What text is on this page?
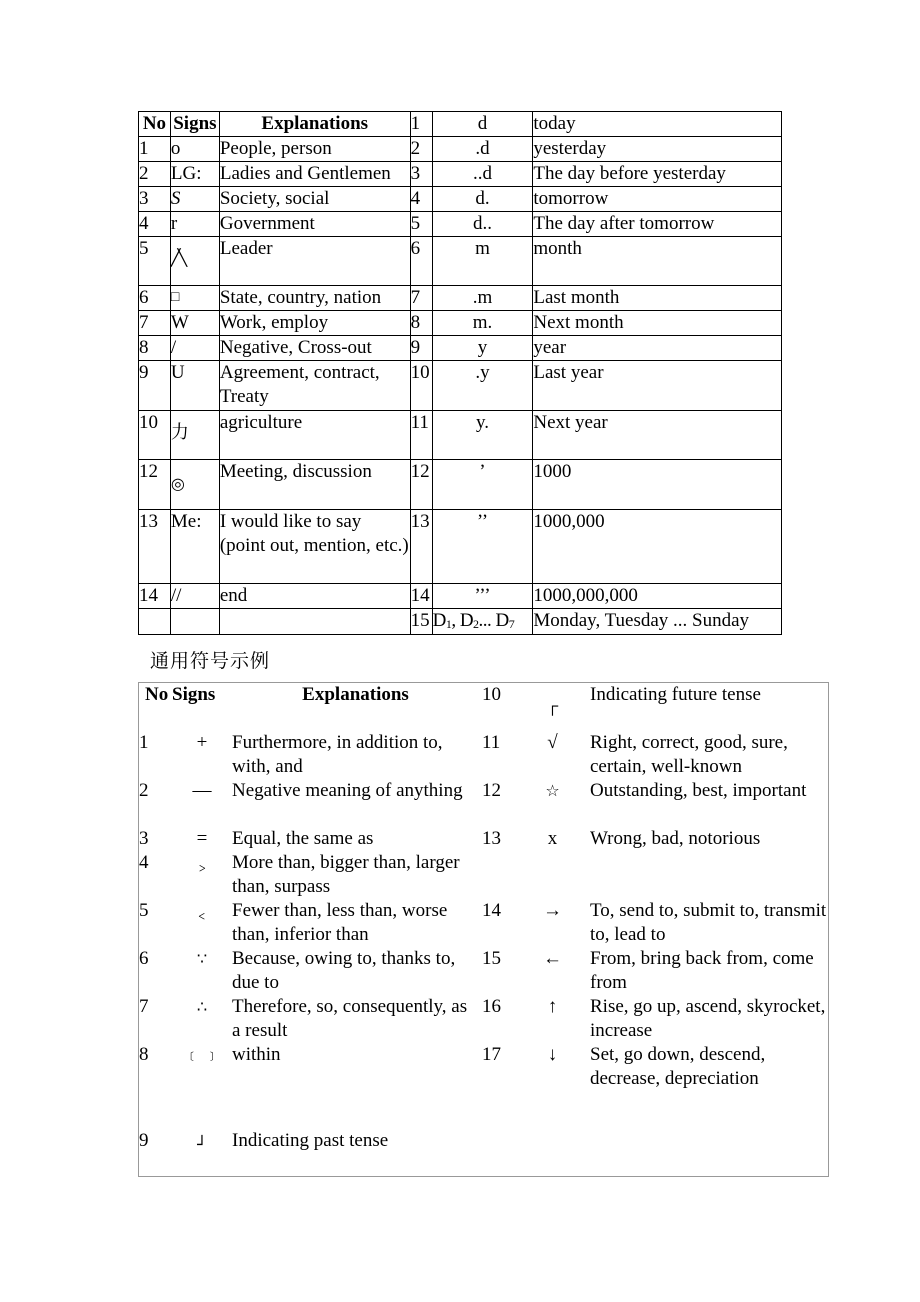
No	Signs	Explanations	1	d	today
1	o	People, person	2	.d	yesterday
2	LG:	Ladies and Gentlemen	3	..d	The day before yesterday
3	S	Society, social	4	d.	tomorrow
4	r	Government	5	d..	The day after tomorrow
5	╱╲	Leader	6	m	month
6	□	State, country, nation	7	.m	Last month
7	W	Work, employ	8	m.	Next month
8	/	Negative, Cross-out	9	y	year
9	U	Agreement, contract, Treaty	10	.y	Last year
10	力	agriculture	11	y.	Next year
12	◎	Meeting, discussion	12	’	1000
13	Me:	I would like to say (point out, mention, etc.)	13	’’	1000,000
14	//	end	14	’’’	1000,000,000
			15	D1, D2... D7	Monday, Tuesday ... Sunday
通用符号示例
No	Signs	Explanations	10	┌	Indicating future tense
1	+	Furthermore, in addition to, with, and	11	√	Right, correct, good, sure, certain, well-known
2	—	Negative meaning of anything	12	☆	Outstanding, best, important
3	=	Equal, the same as	13	x	Wrong, bad, notorious
4	﹥	More than, bigger than, larger than, surpass			
5	﹤	Fewer than, less than, worse than, inferior than	14	→	To, send to, submit to, transmit to, lead to
6	∵	Because, owing to, thanks to, due to	15	←	From, bring back from, come from
7	∴	Therefore, so, consequently, as a result	16	↑	Rise, go up, ascend, skyrocket, increase
8	﹝ ﹞	within	17	↓	Set, go down, descend, decrease, depreciation
9	┘	Indicating past tense			
